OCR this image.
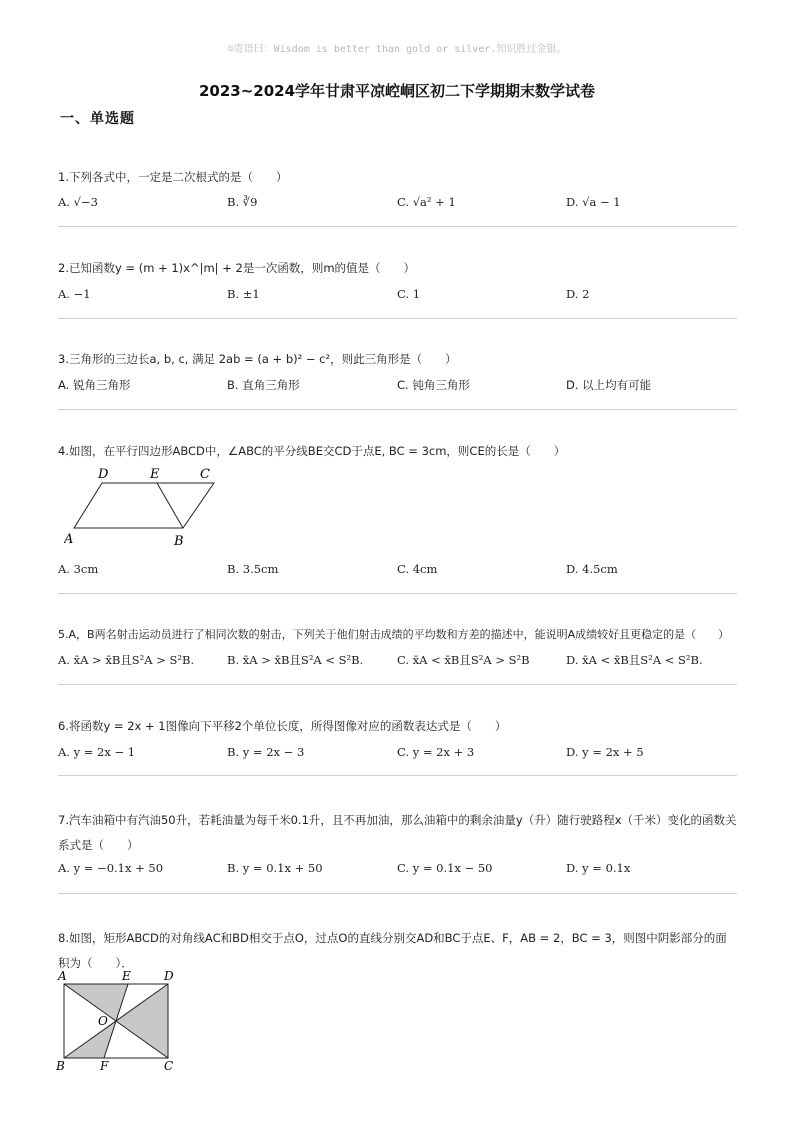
☺寄语曰：Wisdom is better than gold or silver.知识胜过金银。
2023~2024学年甘肃平凉崆峒区初二下学期期末数学试卷
一、单选题
1.下列各式中，一定是二次根式的是（　　）
A. √−3	B. ∛9	C. √a² + 1	D. √a − 1
2.已知函数y = (m + 1)x^|m| + 2是一次函数，则m的值是（　　）
A. −1	B. ±1	C. 1	D. 2
3.三角形的三边长a, b, c, 满足 2ab = (a + b)² − c²，则此三角形是（　　）
A. 锐角三角形	B. 直角三角形	C. 钝角三角形	D. 以上均有可能
4.如图，在平行四边形ABCD中，∠ABC的平分线BE交CD于点E, BC = 3cm，则CE的长是（　　）
D	E	C
A	B
A. 3cm	B. 3.5cm	C. 4cm	D. 4.5cm
5.A，B两名射击运动员进行了相同次数的射击，下列关于他们射击成绩的平均数和方差的描述中，能说明A成绩较好且更稳定的是（　　）
A. x̄A > x̄B且S²A > S²B.	B. x̄A > x̄B且S²A < S²B.	C. x̄A < x̄B且S²A > S²B	D. x̄A < x̄B且S²A < S²B.
6.将函数y = 2x + 1图像向下平移2个单位长度，所得图像对应的函数表达式是（　　）
A. y = 2x − 1	B. y = 2x − 3	C. y = 2x + 3	D. y = 2x + 5
7.汽车油箱中有汽油50升，若耗油量为每千米0.1升，且不再加油，那么油箱中的剩余油量y（升）随行驶路程x（千米）变化的函数关系式是（　　）
A. y = −0.1x + 50	B. y = 0.1x + 50	C. y = 0.1x − 50	D. y = 0.1x
8.如图，矩形ABCD的对角线AC和BD相交于点O，过点O的直线分别交AD和BC于点E、F，AB = 2，BC = 3，则图中阴影部分的面积为（　　）．
A	E	D
O
B	F	C
